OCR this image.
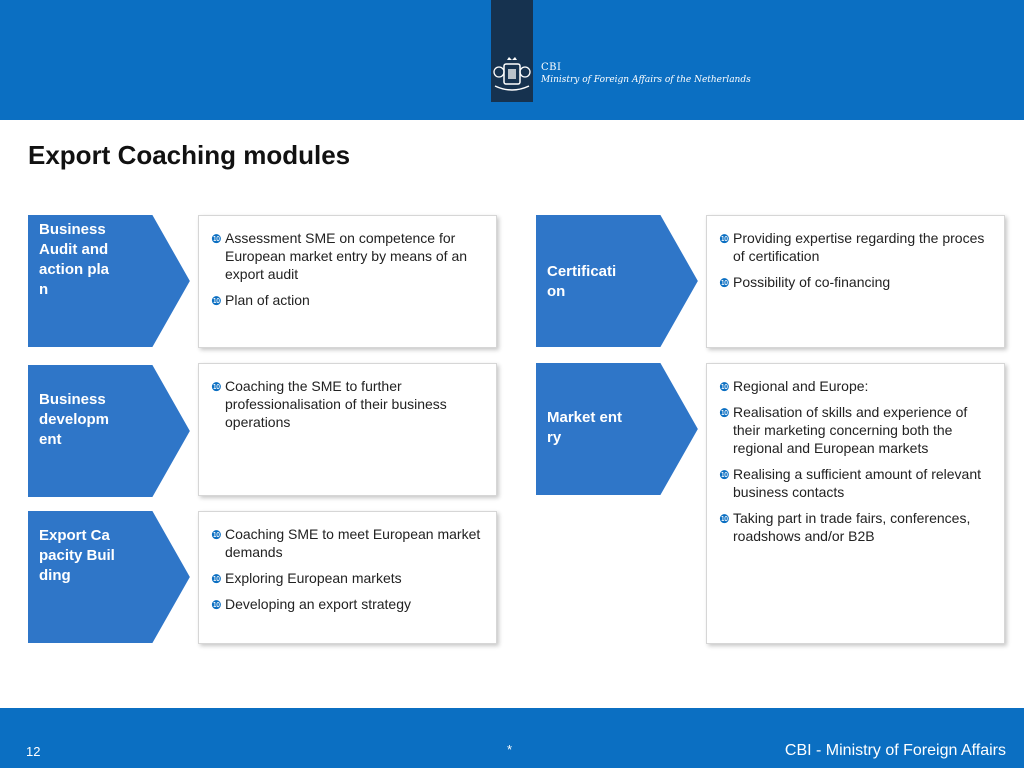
CBI
Ministry of Foreign Affairs of the Netherlands
Export Coaching modules
Business Audit and action plan
❿ Assessment SME on competence for European market entry by means of an export audit
❿ Plan of action
Business development
❿ Coaching the SME to further professionalisation of their business operations
Export Capacity Building
❿ Coaching SME to meet European market demands
❿ Exploring European markets
❿ Developing an export strategy
Certification
❿ Providing expertise regarding the proces of certification
❿ Possibility of co-financing
Market entry
❿ Regional and Europe:
❿ Realisation of skills and experience of their marketing concerning both the regional and European markets
❿ Realising a sufficient amount of relevant business contacts
❿ Taking part in trade fairs, conferences, roadshows and/or B2B
12	*	CBI - Ministry of Foreign Affairs
